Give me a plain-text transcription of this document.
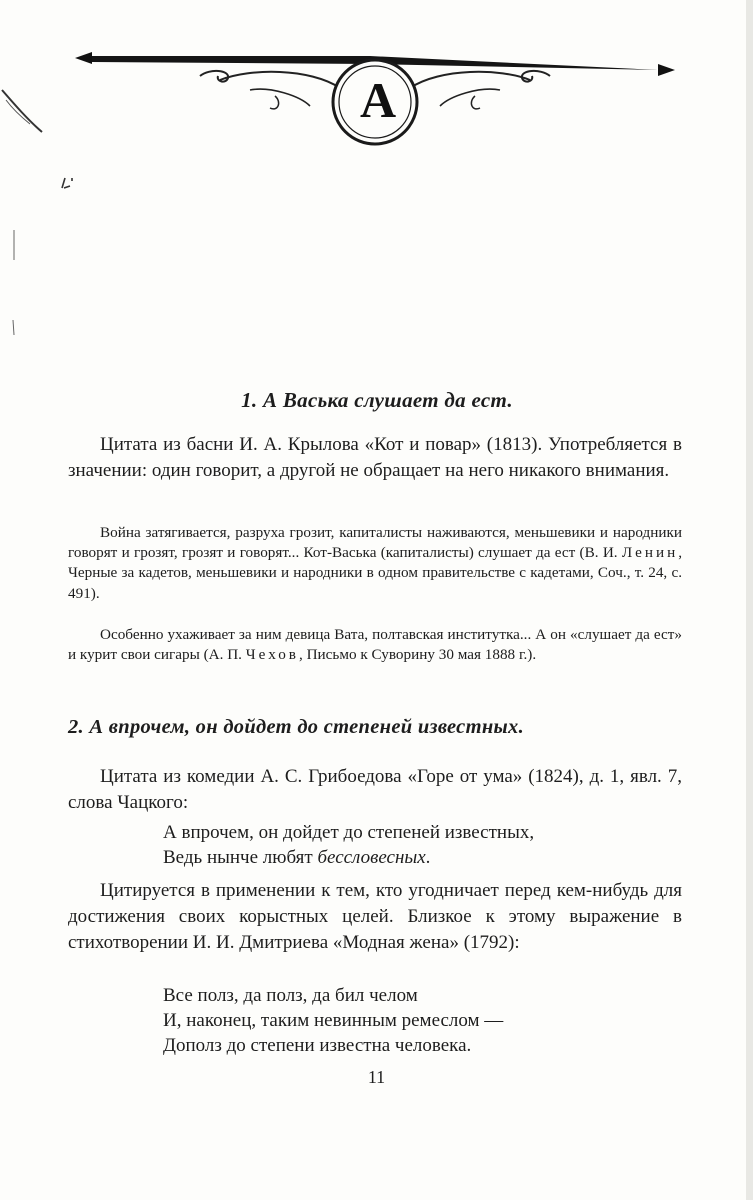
А
1. А Васька слушает да ест.

Цитата из басни И. А. Крылова «Кот и повар» (1813). Употребляется в значении: один говорит, а другой не обращает на него никакого внимания.

Война затягивается, разруха грозит, капиталисты наживаются, меньшевики и народники говорят и грозят, грозят и говорят... Кот-Васька (капиталисты) слушает да ест (В. И. Ленин, Черные за кадетов, меньшевики и народники в одном правительстве с кадетами, Соч., т. 24, с. 491).

Особенно ухаживает за ним девица Вата, полтавская институтка... А он «слушает да ест» и курит свои сигары (А. П. Чехов, Письмо к Суворину 30 мая 1888 г.).

2. А впрочем, он дойдет до степеней известных.

Цитата из комедии А. С. Грибоедова «Горе от ума» (1824), д. 1, явл. 7, слова Чацкого:

А впрочем, он дойдет до степеней известных,
Ведь нынче любят бессловесных.

Цитируется в применении к тем, кто угодничает перед кем-нибудь для достижения своих корыстных целей. Близкое к этому выражение в стихотворении И. И. Дмитриева «Модная жена» (1792):

Все полз, да полз, да бил челом
И, наконец, таким невинным ремеслом —
Дополз до степени известна человека.
11
